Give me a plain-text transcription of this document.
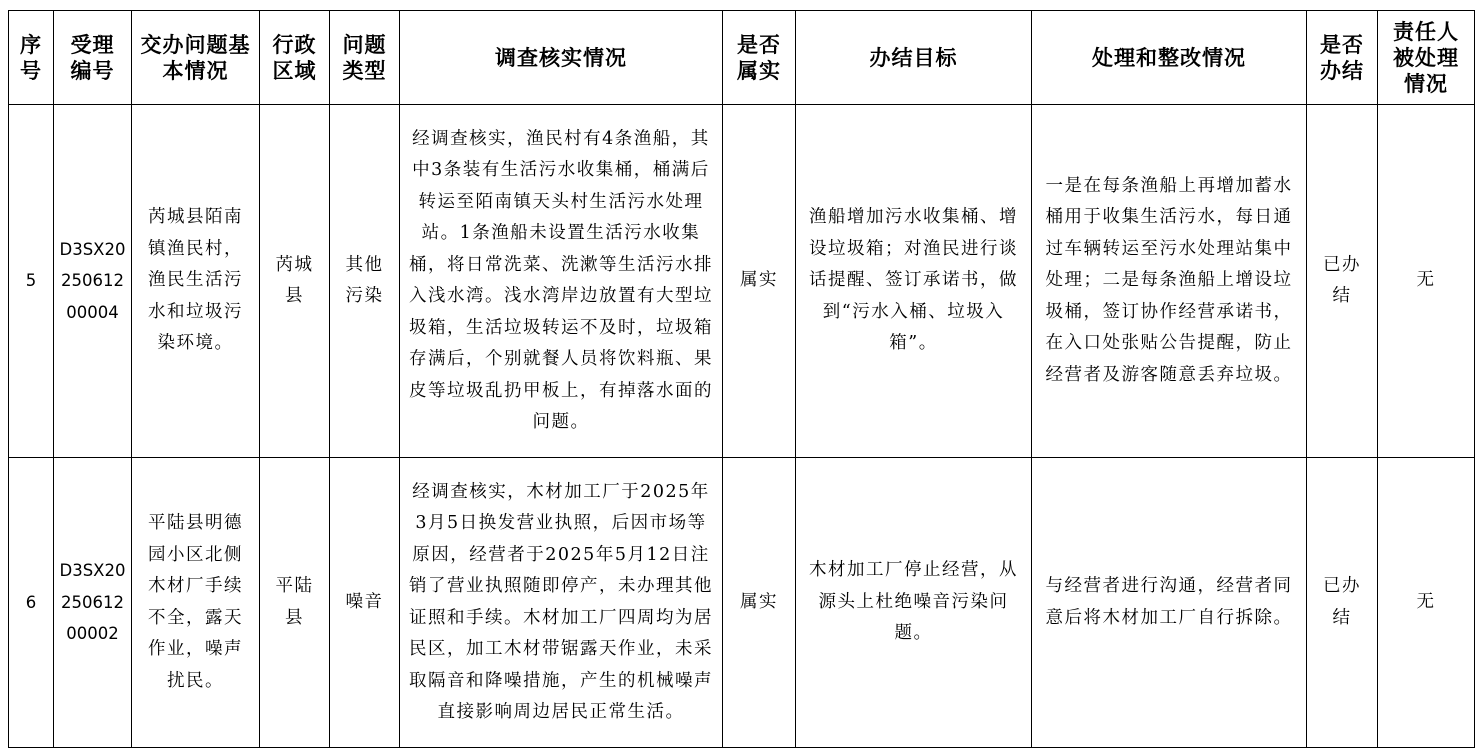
序号	受理编号	交办问题基本情况	行政区域	问题类型	调查核实情况	是否属实	办结目标	处理和整改情况	是否办结	责任人被处理情况
5	D3SX2025061200004	芮城县陌南镇渔民村，渔民生活污水和垃圾污染环境。	芮城县	其他污染	经调查核实，渔民村有4条渔船，其中3条装有生活污水收集桶，桶满后转运至陌南镇天头村生活污水处理站。1条渔船未设置生活污水收集桶，将日常洗菜、洗漱等生活污水排入浅水湾。浅水湾岸边放置有大型垃圾箱，生活垃圾转运不及时，垃圾箱存满后，个别就餐人员将饮料瓶、果皮等垃圾乱扔甲板上，有掉落水面的问题。	属实	渔船增加污水收集桶、增设垃圾箱；对渔民进行谈话提醒、签订承诺书，做到“污水入桶、垃圾入箱”。	一是在每条渔船上再增加蓄水桶用于收集生活污水，每日通过车辆转运至污水处理站集中处理；二是每条渔船上增设垃圾桶，签订协作经营承诺书，在入口处张贴公告提醒，防止经营者及游客随意丢弃垃圾。	已办结	无
6	D3SX2025061200002	平陆县明德园小区北侧木材厂手续不全，露天作业，噪声扰民。	平陆县	噪音	经调查核实，木材加工厂于2025年3月5日换发营业执照，后因市场等原因，经营者于2025年5月12日注销了营业执照随即停产，未办理其他证照和手续。木材加工厂四周均为居民区，加工木材带锯露天作业，未采取隔音和降噪措施，产生的机械噪声直接影响周边居民正常生活。	属实	木材加工厂停止经营，从源头上杜绝噪音污染问题。	与经营者进行沟通，经营者同意后将木材加工厂自行拆除。	已办结	无
